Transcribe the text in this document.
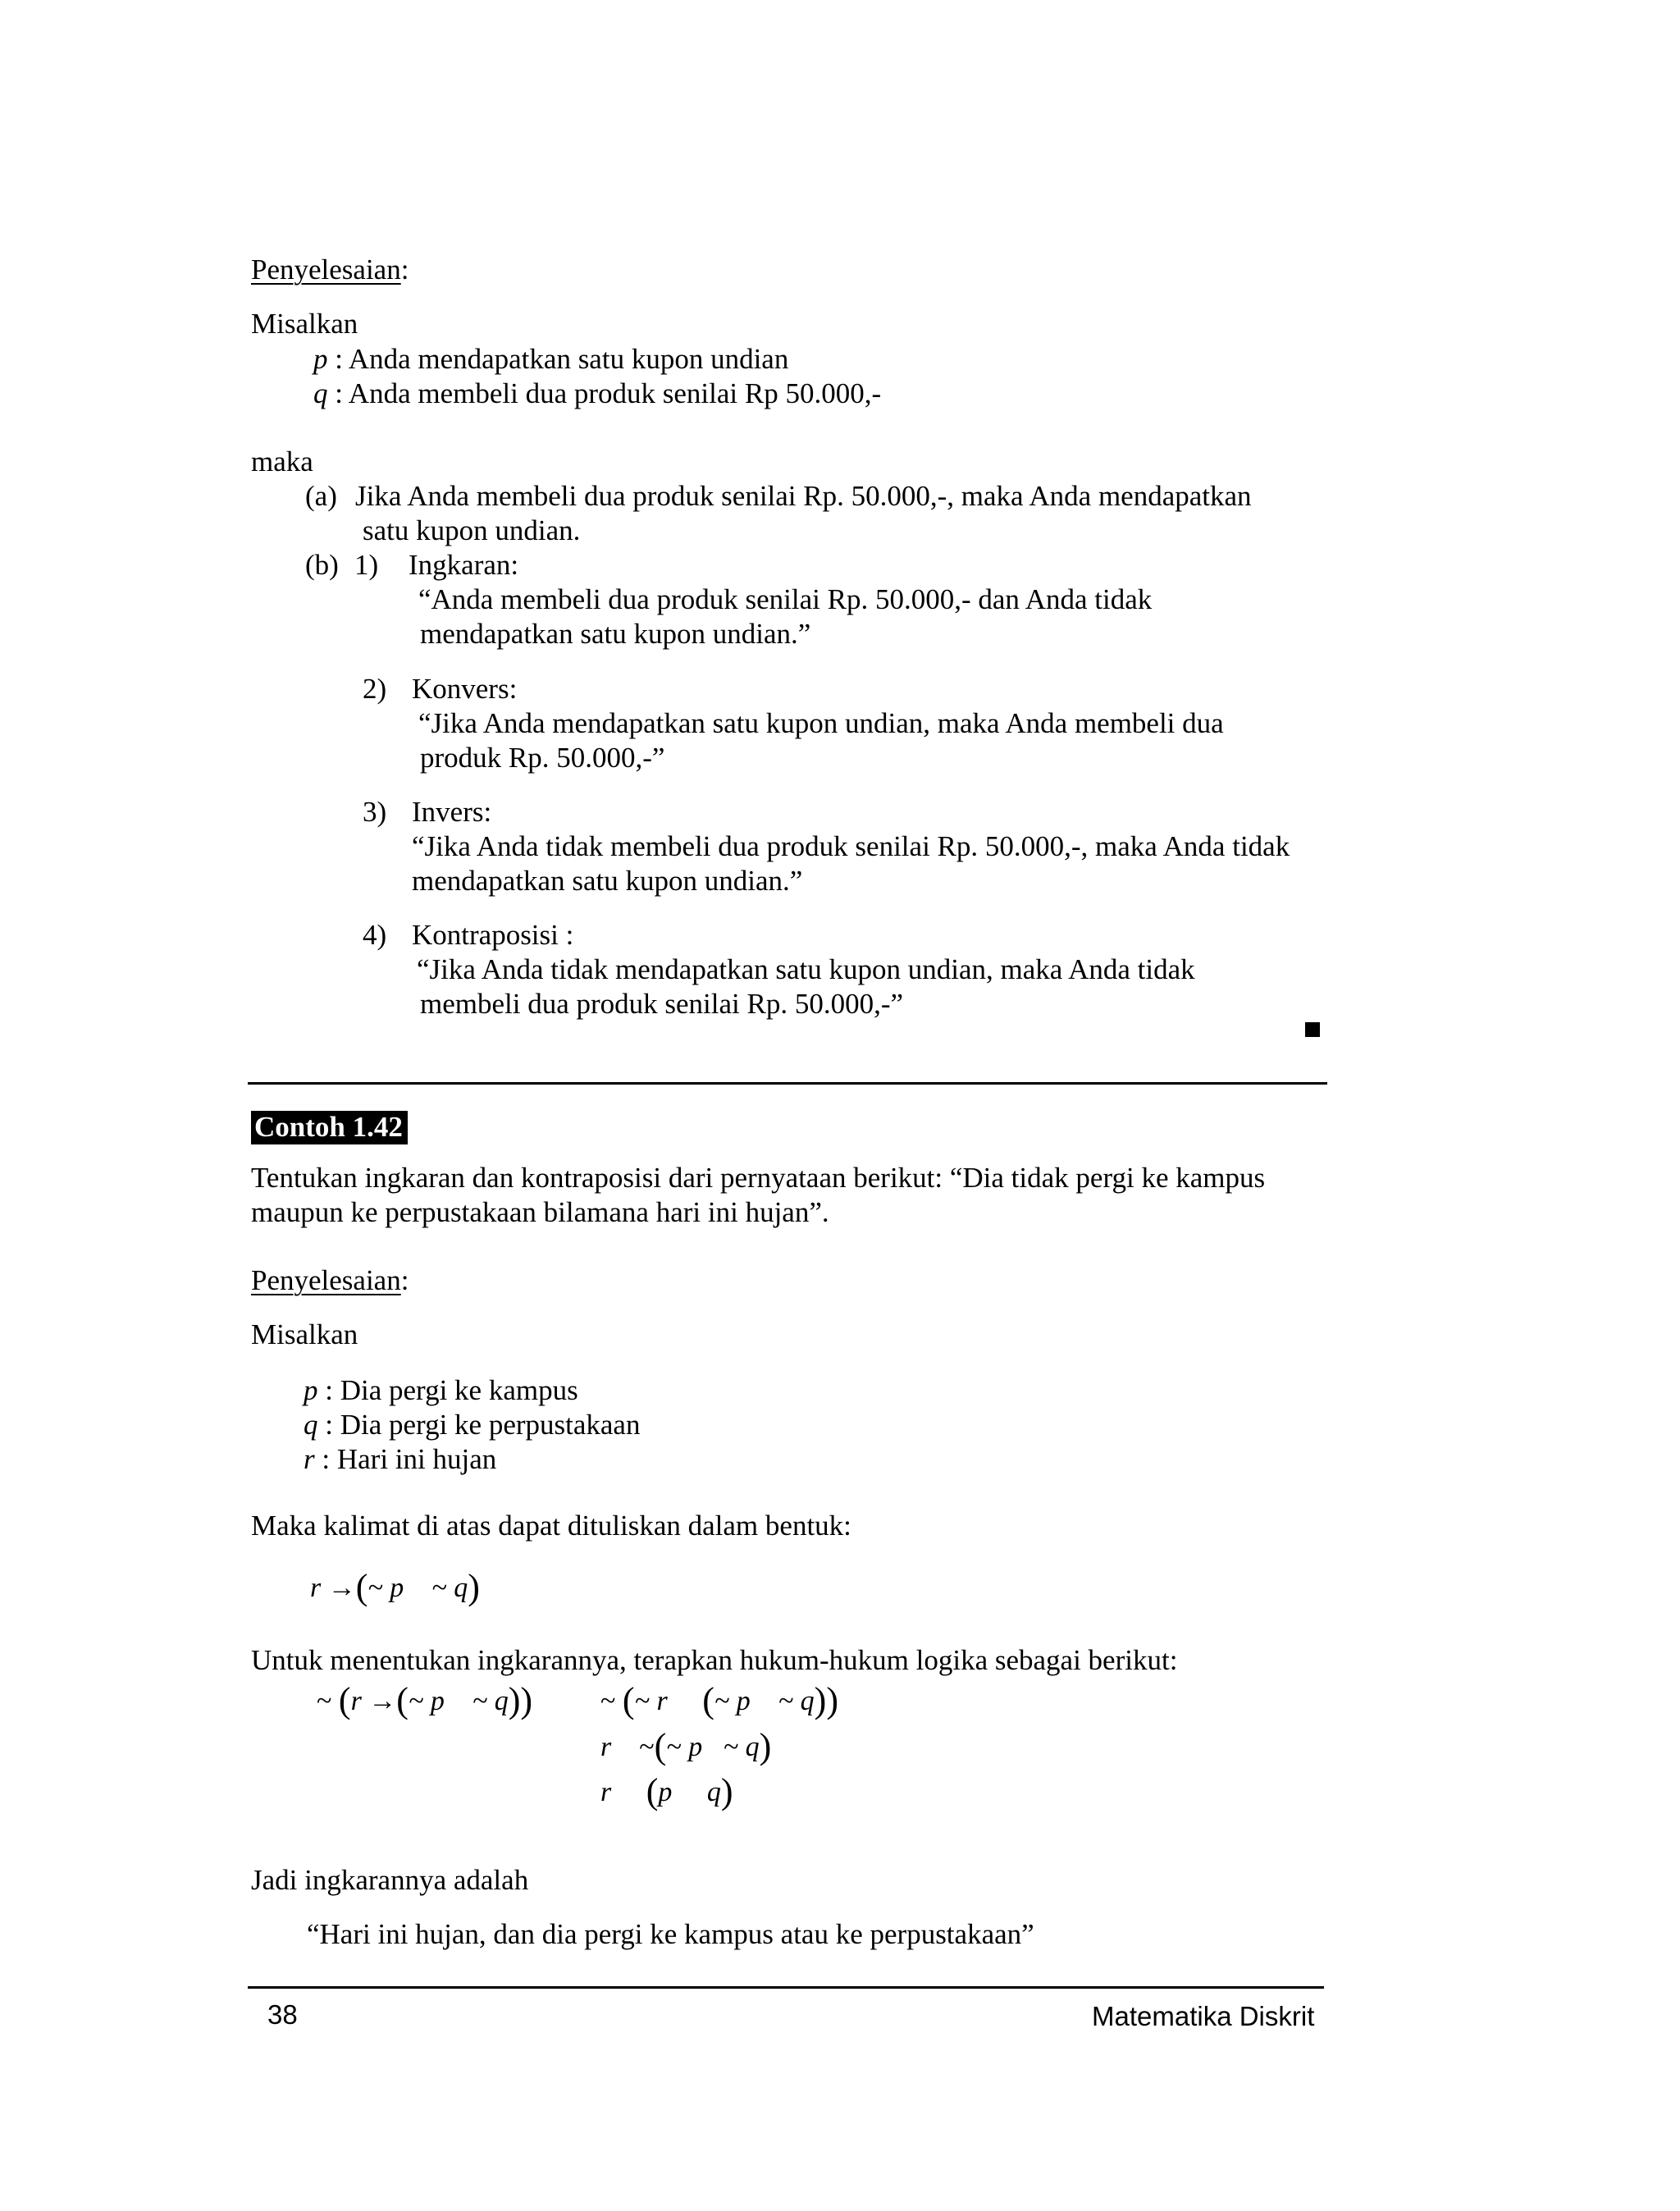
Penyelesaian:
Misalkan
p : Anda mendapatkan satu kupon undian
q : Anda membeli dua produk senilai Rp 50.000,-
maka
(a) Jika Anda membeli dua produk senilai Rp. 50.000,-, maka Anda mendapatkan
satu kupon undian.
(b) 1) Ingkaran:
“Anda membeli dua produk senilai Rp. 50.000,- dan Anda tidak
mendapatkan satu kupon undian.”
2) Konvers:
“Jika Anda mendapatkan satu kupon undian, maka Anda membeli dua
produk Rp. 50.000,-”
3) Invers:
“Jika Anda tidak membeli dua produk senilai Rp. 50.000,-, maka Anda tidak
mendapatkan satu kupon undian.”
4) Kontraposisi :
“Jika Anda tidak mendapatkan satu kupon undian, maka Anda tidak
membeli dua produk senilai Rp. 50.000,-”
Contoh 1.42
Tentukan ingkaran dan kontraposisi dari pernyataan berikut: “Dia tidak pergi ke kampus
maupun ke perpustakaan bilamana hari ini hujan”.
Penyelesaian:
Misalkan
p : Dia pergi ke kampus
q : Dia pergi ke perpustakaan
r : Hari ini hujan
Maka kalimat di atas dapat dituliskan dalam bentuk:
r →(~ p ~ q)
Untuk menentukan ingkarannya, terapkan hukum-hukum logika sebagai berikut:
~ (r →(~ p ~ q)) ~ (~ r (~ p ~ q))
r ~(~ p ~ q)
r (p q)
Jadi ingkarannya adalah
“Hari ini hujan, dan dia pergi ke kampus atau ke perpustakaan”
38	Matematika Diskrit
